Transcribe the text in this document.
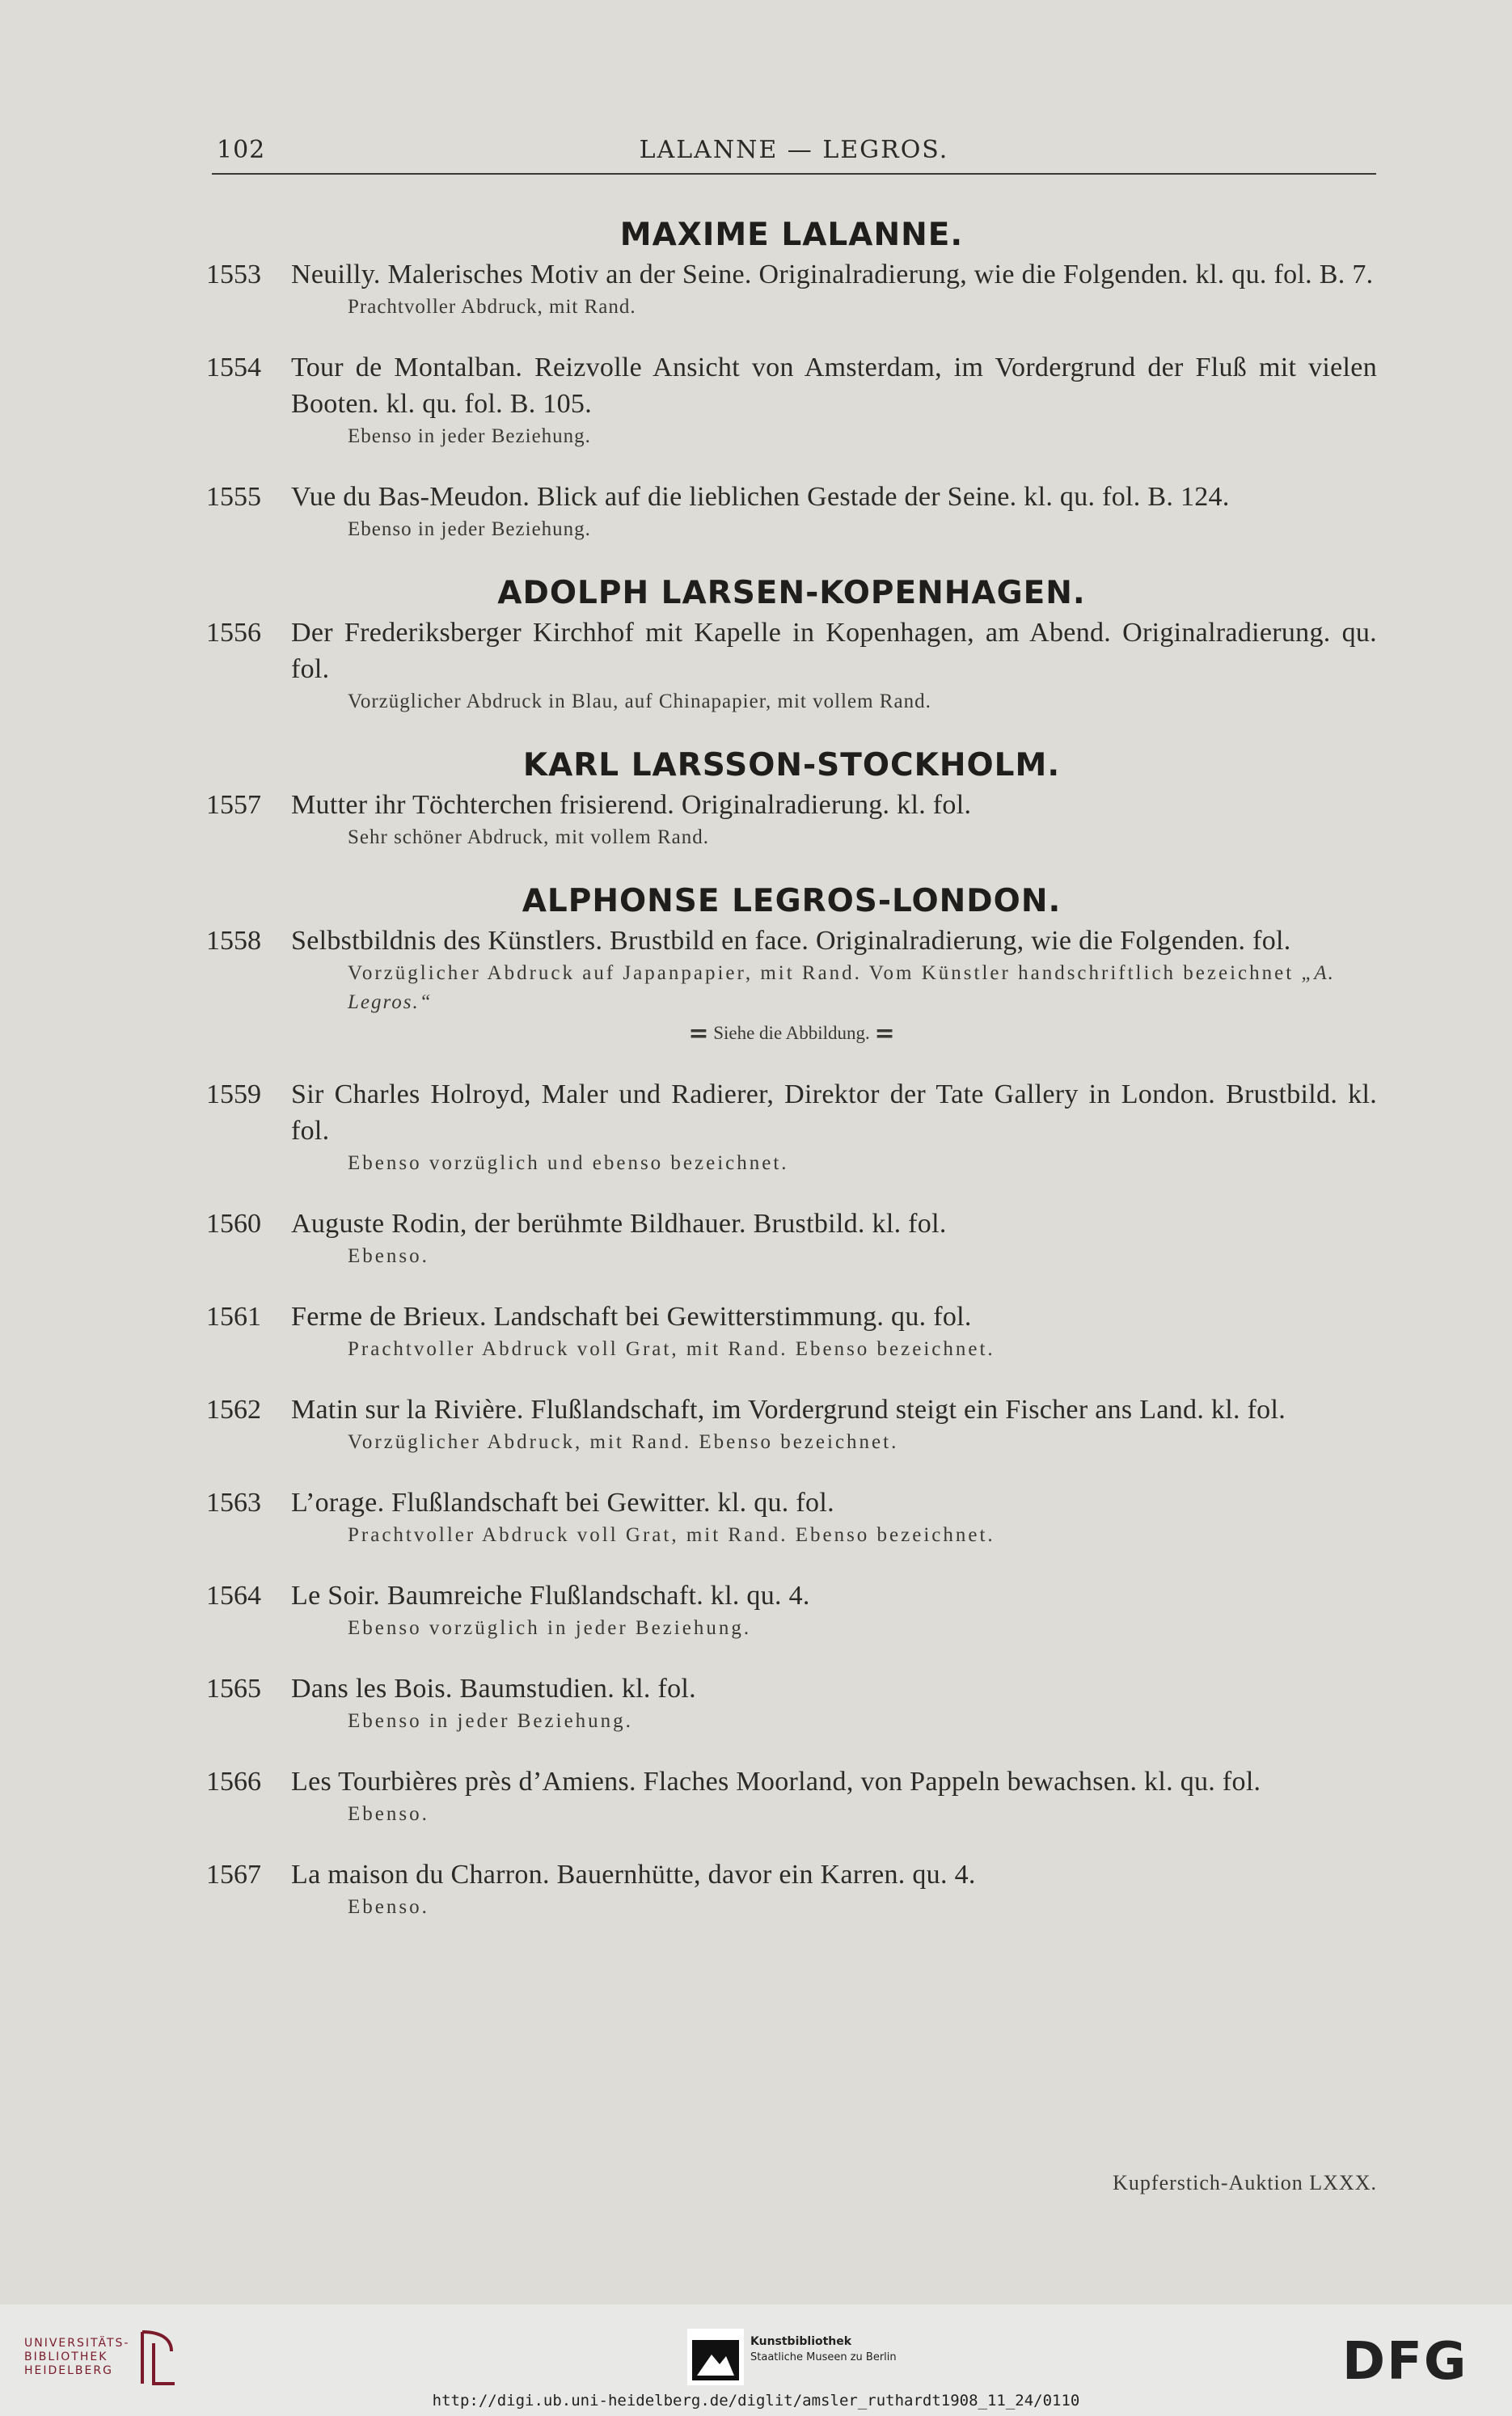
102	LALANNE — LEGROS.
MAXIME LALANNE.
1553 Neuilly. Malerisches Motiv an der Seine. Originalradierung, wie die Folgenden. kl. qu. fol. B. 7.
Prachtvoller Abdruck, mit Rand.
1554 Tour de Montalban. Reizvolle Ansicht von Amsterdam, im Vordergrund der Fluß mit vielen Booten. kl. qu. fol. B. 105.
Ebenso in jeder Beziehung.
1555 Vue du Bas-Meudon. Blick auf die lieblichen Gestade der Seine. kl. qu. fol. B. 124.
Ebenso in jeder Beziehung.
ADOLPH LARSEN-KOPENHAGEN.
1556 Der Frederiksberger Kirchhof mit Kapelle in Kopenhagen, am Abend. Originalradierung. qu. fol.
Vorzüglicher Abdruck in Blau, auf Chinapapier, mit vollem Rand.
KARL LARSSON-STOCKHOLM.
1557 Mutter ihr Töchterchen frisierend. Originalradierung. kl. fol.
Sehr schöner Abdruck, mit vollem Rand.
ALPHONSE LEGROS-LONDON.
1558 Selbstbildnis des Künstlers. Brustbild en face. Originalradierung, wie die Folgenden. fol.
Vorzüglicher Abdruck auf Japanpapier, mit Rand. Vom Künstler handschriftlich bezeichnet „A. Legros.“
= Siehe die Abbildung. =
1559 Sir Charles Holroyd, Maler und Radierer, Direktor der Tate Gallery in London. Brustbild. kl. fol.
Ebenso vorzüglich und ebenso bezeichnet.
1560 Auguste Rodin, der berühmte Bildhauer. Brustbild. kl. fol.
Ebenso.
1561 Ferme de Brieux. Landschaft bei Gewitterstimmung. qu. fol.
Prachtvoller Abdruck voll Grat, mit Rand. Ebenso bezeichnet.
1562 Matin sur la Rivière. Flußlandschaft, im Vordergrund steigt ein Fischer ans Land. kl. fol.
Vorzüglicher Abdruck, mit Rand. Ebenso bezeichnet.
1563 L’orage. Flußlandschaft bei Gewitter. kl. qu. fol.
Prachtvoller Abdruck voll Grat, mit Rand. Ebenso bezeichnet.
1564 Le Soir. Baumreiche Flußlandschaft. kl. qu. 4.
Ebenso vorzüglich in jeder Beziehung.
1565 Dans les Bois. Baumstudien. kl. fol.
Ebenso in jeder Beziehung.
1566 Les Tourbières près d’Amiens. Flaches Moorland, von Pappeln bewachsen. kl. qu. fol.
Ebenso.
1567 La maison du Charron. Bauernhütte, davor ein Karren. qu. 4.
Ebenso.
Kupferstich-Auktion LXXX.
UNIVERSITÄTS-
BIBLIOTHEK
HEIDELBERG
Kunstbibliothek
Staatliche Museen zu Berlin	DFG
http://digi.ub.uni-heidelberg.de/diglit/amsler_ruthardt1908_11_24/0110
